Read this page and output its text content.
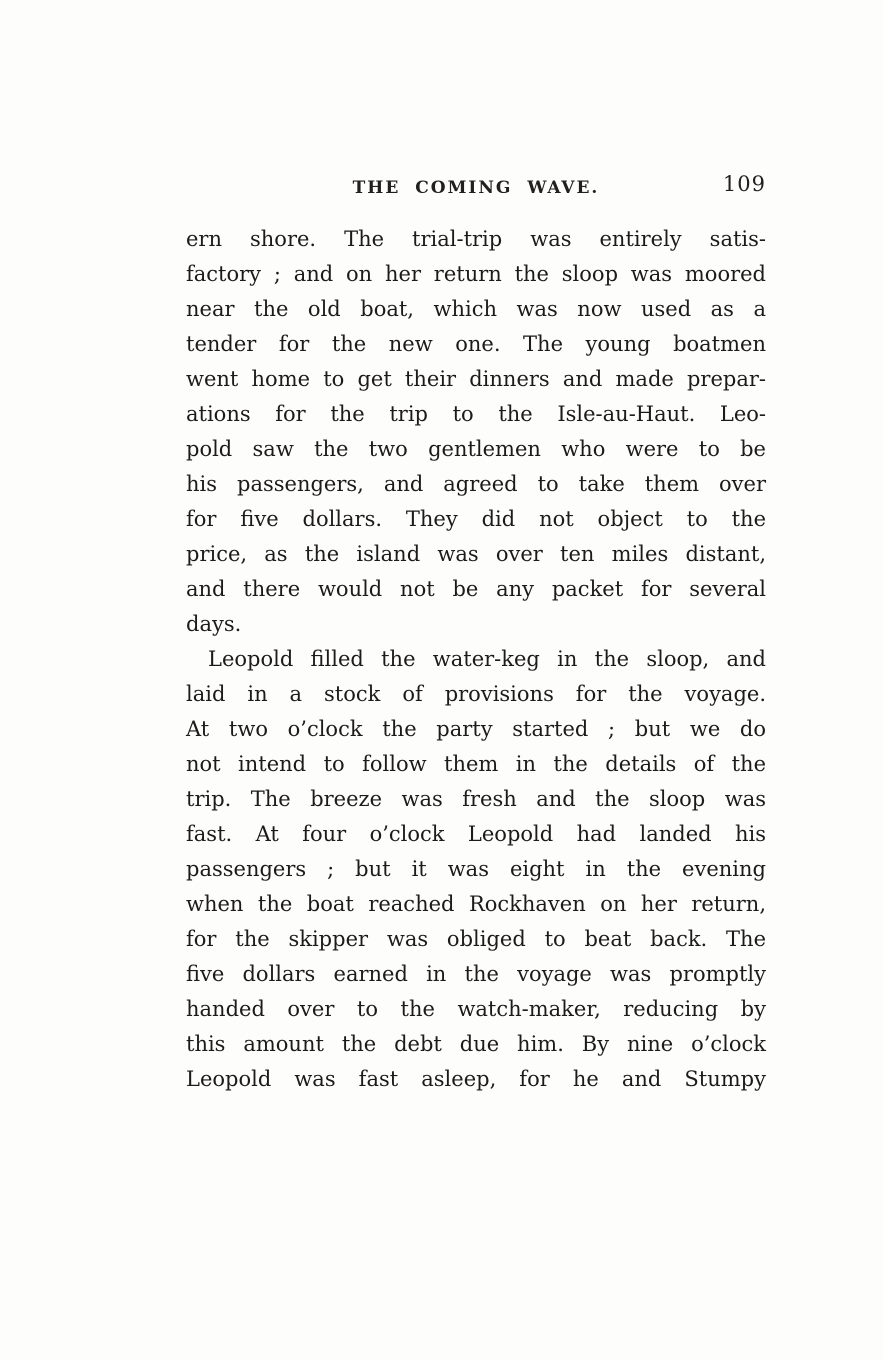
THE COMING WAVE.	109
ern shore. The trial-trip was entirely satis-
factory ; and on her return the sloop was moored
near the old boat, which was now used as a
tender for the new one. The young boatmen
went home to get their dinners and made prepar-
ations for the trip to the Isle-au-Haut. Leo-
pold saw the two gentlemen who were to be
his passengers, and agreed to take them over
for five dollars. They did not object to the
price, as the island was over ten miles distant,
and there would not be any packet for several
days.
Leopold filled the water-keg in the sloop, and
laid in a stock of provisions for the voyage.
At two o’clock the party started ; but we do
not intend to follow them in the details of the
trip. The breeze was fresh and the sloop was
fast. At four o’clock Leopold had landed his
passengers ; but it was eight in the evening
when the boat reached Rockhaven on her return,
for the skipper was obliged to beat back. The
five dollars earned in the voyage was promptly
handed over to the watch-maker, reducing by
this amount the debt due him. By nine o’clock
Leopold was fast asleep, for he and Stumpy
